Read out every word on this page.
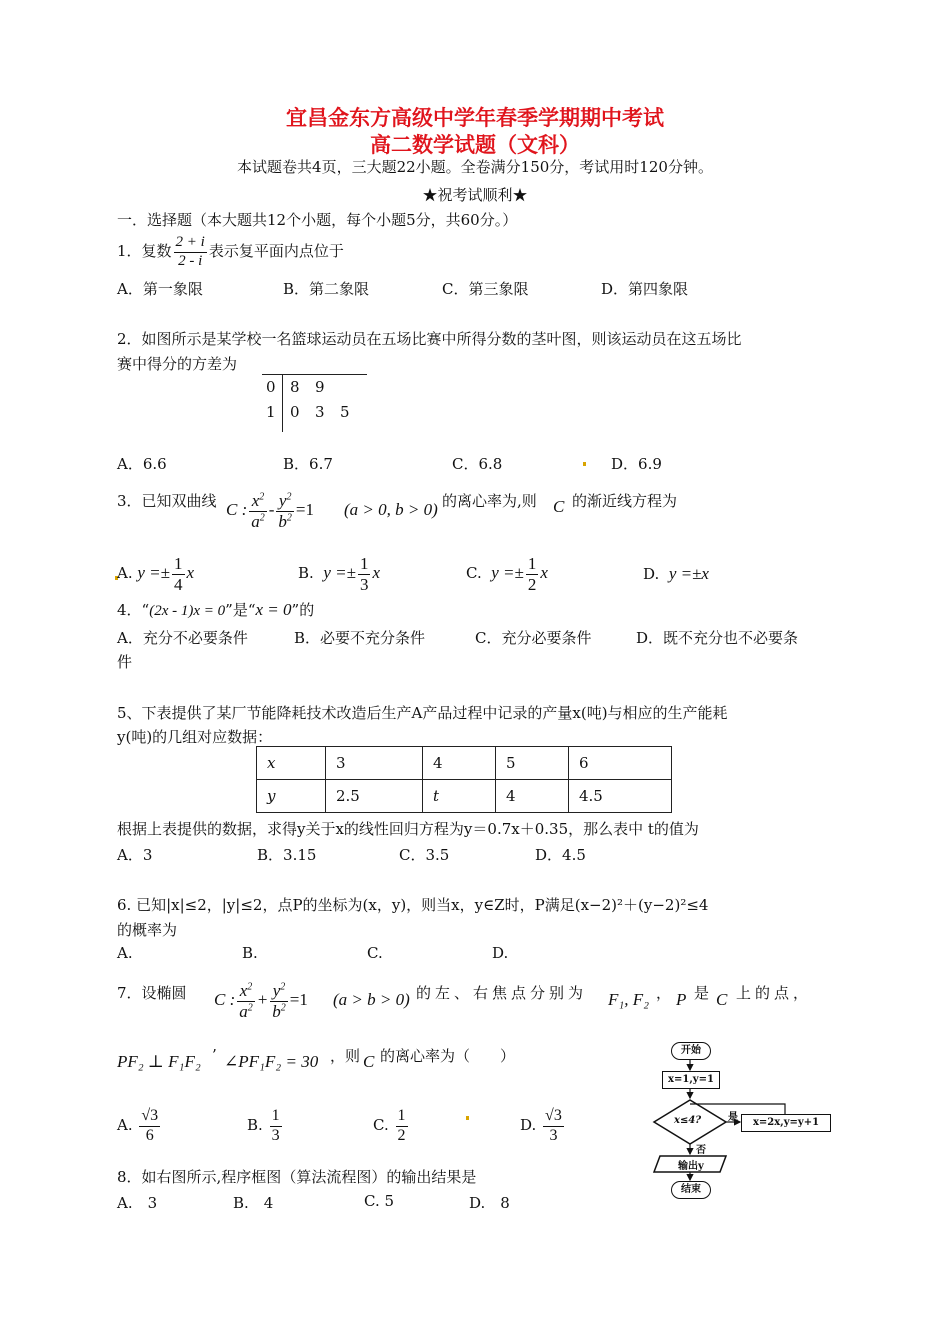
宜昌金东方高级中学年春季学期期中考试
高二数学试题（文科）
本试题卷共4页，三大题22小题。全卷满分150分，考试用时120分钟。
★祝考试顺利★
一．选择题（本大题共12个小题，每个小题5分，共60分。）
1．复数 $\frac{2 + i}{2 - i}$ 表示复平面内点位于
A．第一象限	B．第二象限	C．第三象限	D．第四象限
2．如图所示是某学校一名篮球运动员在五场比赛中所得分数的茎叶图，则该运动员在这五场比
赛中得分的方差为
0 8 9
1 0 3 5
A．6.6	B．6.7	C．6.8	D．6.9
3．已知双曲线 C : $\frac{x^2}{a^2} - \frac{y^2}{b^2} =1$ (a > 0, b > 0) 的离心率为,则 C 的渐近线方程为
A. $y =\pm \frac{1}{4}$ x	B. $y =\pm \frac{1}{3}$ x	C. $y =\pm \frac{1}{2}$ x	D. y =±x
4．“(2x - 1)x = 0”是“x = 0”的
A．充分不必要条件	B．必要不充分条件	C．充分必要条件	D．既不充分也不必要条
件
5、下表提供了某厂节能降耗技术改造后生产A产品过程中记录的产量x(吨)与相应的生产能耗
y(吨)的几组对应数据：
x	3	4	5	6
y	2.5	t	4	4.5
根据上表提供的数据，求得y关于x的线性回归方程为y＝0.7x＋0.35，那么表中 t的值为
A．3	B．3.15	C．3.5	D．4.5
6. 已知|x|≤2，|y|≤2，点P的坐标为(x，y)，则当x，y∈Z时，P满足(x−2)²＋(y−2)²≤4
的概率为
A.	B.	C.	D.
7．设椭圆 C : $\frac{x^2}{a^2} + \frac{y^2}{b^2} =1$ (a > b > 0) 的左、右焦点分别为 F₁, F₂ ， P 是 C 上的点，
PF₂ ⊥ F₁F₂ ’ ∠PF₁F₂ = 30 ，则 C 的离心率为（　　）
A. $\frac{√3}{6}$	B. $\frac{1}{3}$	C. $\frac{1}{2}$	D. $\frac{√3}{3}$
8．如右图所示,程序框图（算法流程图）的输出结果是
A.　3	B.　4	C. 5	D.　8
开始
x=1,y=1
x≤4?	是
否
x=2x,y=y+1
输出y
结束
